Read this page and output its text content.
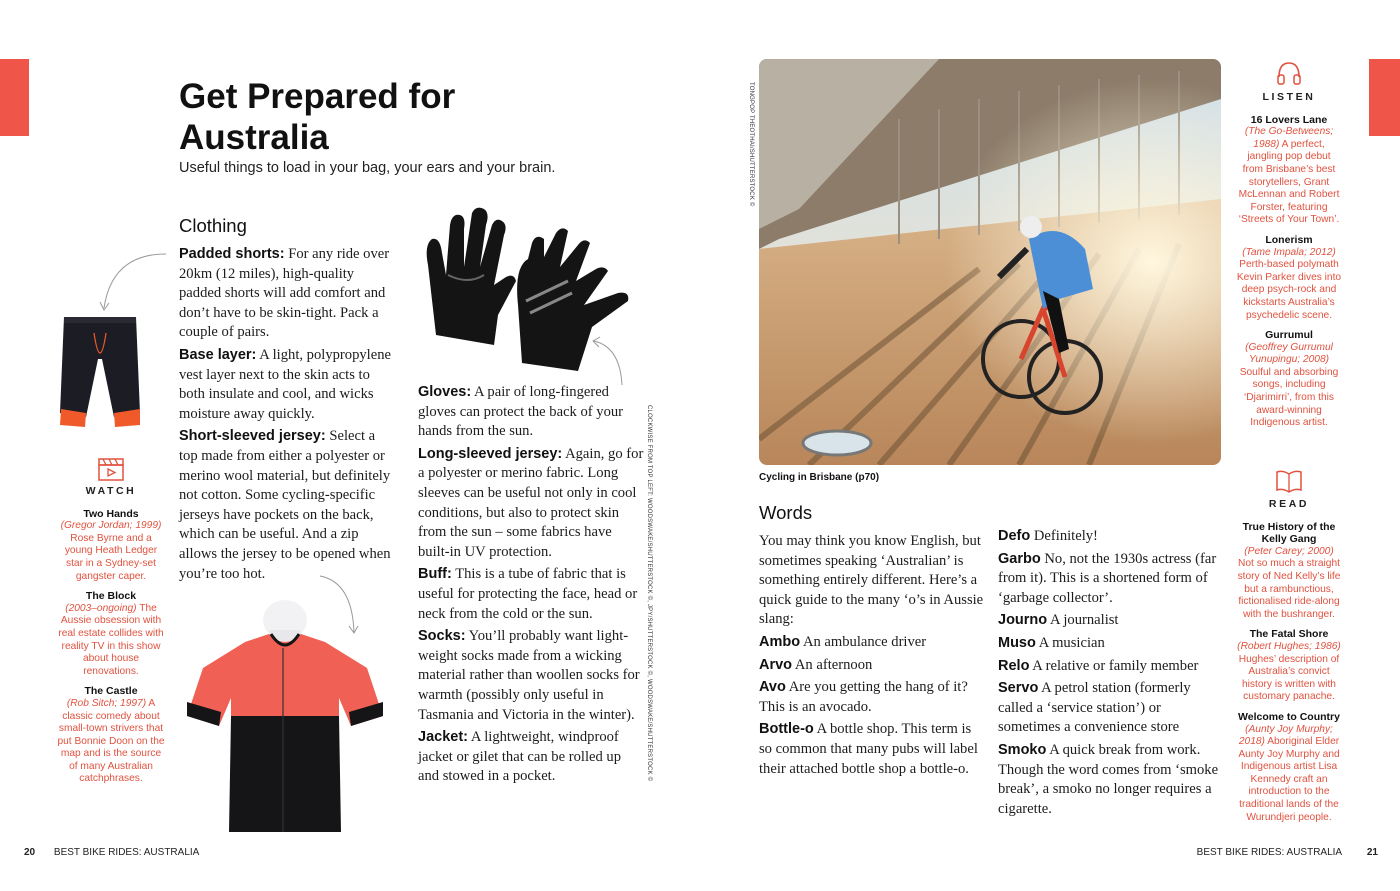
Get Prepared for Australia
Useful things to load in your bag, your ears and your brain.
WATCH
Two Hands
(Gregor Jordan; 1999) Rose Byrne and a young Heath Ledger star in a Sydney-set gangster caper.
The Block
(2003–ongoing) The Aussie obsession with real estate collides with reality TV in this show about house renovations.
The Castle
(Rob Sitch; 1997) A classic comedy about small-town strivers that put Bonnie Doon on the map and is the source of many Australian catchphrases.
Clothing

Padded shorts: For any ride over 20km (12 miles), high-quality padded shorts will add comfort and don’t have to be skin-tight. Pack a couple of pairs.

Base layer: A light, polypropylene vest layer next to the skin acts to both insulate and cool, and wicks moisture away quickly.

Short-sleeved jersey: Select a top made from either a polyester or merino wool material, but definitely not cotton. Some cycling-specific jerseys have pockets on the back, which can be useful. And a zip allows the jersey to be opened when you’re too hot.

Gloves: A pair of long-fingered gloves can protect the back of your hands from the sun.

Long-sleeved jersey: Again, go for a polyester or merino fabric. Long sleeves can be useful not only in cool conditions, but also to protect skin from the sun – some fabrics have built-in UV protection.

Buff: This is a tube of fabric that is useful for protecting the face, head or neck from the cold or the sun.

Socks: You’ll probably want light-weight socks made from a wicking material rather than woollen socks for warmth (possibly only useful in Tasmania and Victoria in the winter).

Jacket: A lightweight, windproof jacket or gilet that can be rolled up and stowed in a pocket.	CLOCKWISE FROM TOP LEFT: WOODSWAKE/SHUTTERSTOCK ©, JPY/SHUTTERSTOCK ©, WOODSWAKE/SHUTTERSTOCK ©
TONGPOP THEOTHAI/SHUTTERSTOCK ©
Cycling in Brisbane (p70)
Words

You may think you know English, but sometimes speaking ‘Australian’ is something entirely different. Here’s a quick guide to the many ‘o’s in Aussie slang:

Ambo An ambulance driver

Arvo An afternoon

Avo Are you getting the hang of it? This is an avocado.

Bottle-o A bottle shop. This term is so common that many pubs will label their attached bottle shop a bottle-o.

Defo Definitely!

Garbo No, not the 1930s actress (far from it). This is a shortened form of ‘garbage collector’.

Journo A journalist

Muso A musician

Relo A relative or family member

Servo A petrol station (formerly called a ‘service station’) or sometimes a convenience store

Smoko A quick break from work. Though the word comes from ‘smoke break’, a smoko no longer requires a cigarette.

LISTEN
16 Lovers Lane
(The Go-Betweens; 1988) A perfect, jangling pop debut from Brisbane’s best storytellers, Grant McLennan and Robert Forster, featuring ‘Streets of Your Town’.
Lonerism
(Tame Impala; 2012) Perth-based polymath Kevin Parker dives into deep psych-rock and kickstarts Australia’s psychedelic scene.
Gurrumul
(Geoffrey Gurrumul Yunupingu; 2008) Soulful and absorbing songs, including ‘Djarimirri’, from this award-winning Indigenous artist.
READ
True History of the Kelly Gang
(Peter Carey; 2000) Not so much a straight story of Ned Kelly’s life but a rambunctious, fictionalised ride-along with the bushranger.
The Fatal Shore
(Robert Hughes; 1986) Hughes’ description of Australia’s convict history is written with customary panache.
Welcome to Country
(Aunty Joy Murphy; 2018) Aboriginal Elder Aunty Joy Murphy and Indigenous artist Lisa Kennedy craft an introduction to the traditional lands of the Wurundjeri people.
20 BEST BIKE RIDES: AUSTRALIA	BEST BIKE RIDES: AUSTRALIA 21
